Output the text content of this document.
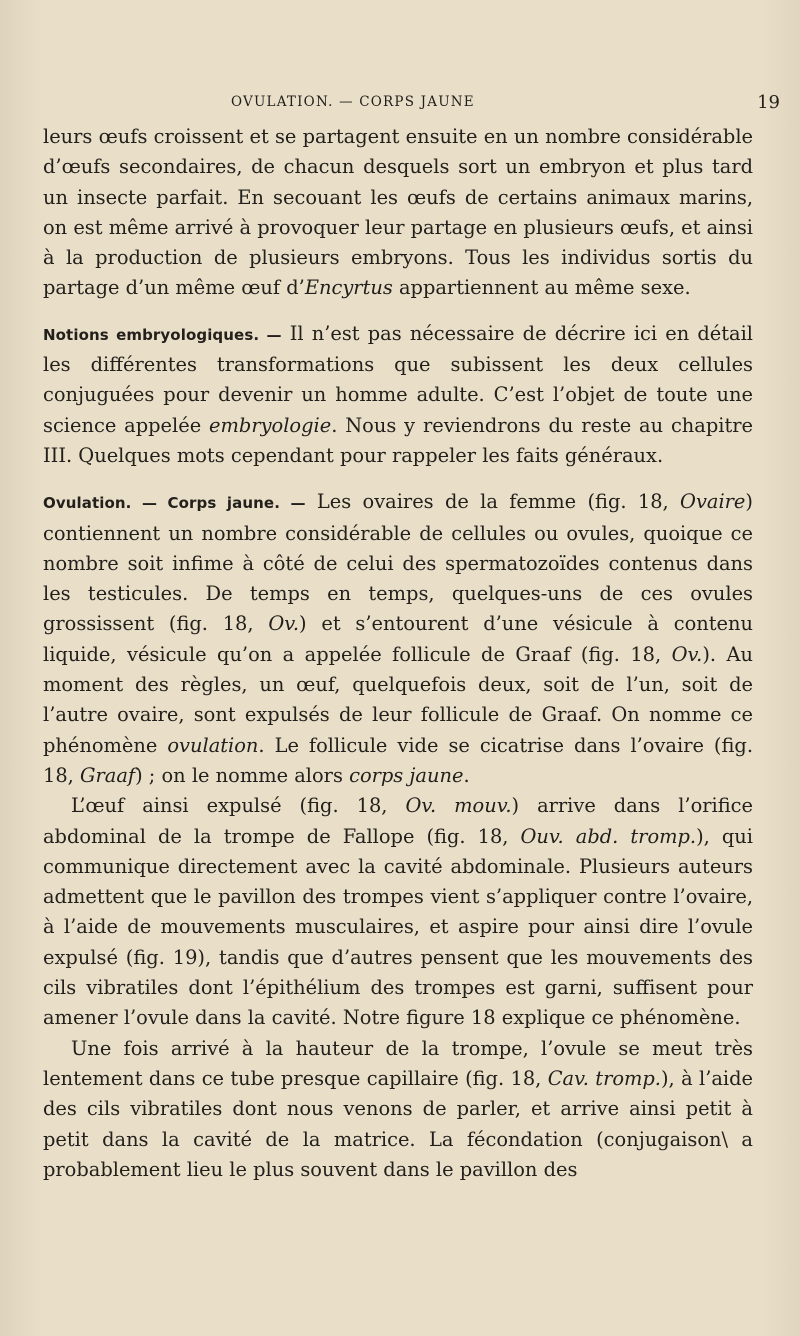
OVULATION. — CORPS JAUNE	19

leurs œufs croissent et se partagent ensuite en un nombre considérable d’œufs secondaires, de chacun desquels sort un embryon et plus tard un insecte parfait. En secouant les œufs de certains animaux marins, on est même arrivé à provoquer leur partage en plusieurs œufs, et ainsi à la production de plusieurs embryons. Tous les individus sortis du partage d’un même œuf d’Encyrtus appartiennent au même sexe.

Notions embryologiques. — Il n’est pas nécessaire de décrire ici en détail les différentes transformations que subissent les deux cellules conjuguées pour devenir un homme adulte. C’est l’objet de toute une science appelée embryologie. Nous y reviendrons du reste au chapitre III. Quelques mots cependant pour rappeler les faits généraux.

Ovulation. — Corps jaune. — Les ovaires de la femme (fig. 18, Ovaire) contiennent un nombre considérable de cellules ou ovules, quoique ce nombre soit infime à côté de celui des spermatozoïdes contenus dans les testicules. De temps en temps, quelques-uns de ces ovules grossissent (fig. 18, Ov.) et s’entourent d’une vésicule à contenu liquide, vésicule qu’on a appelée follicule de Graaf (fig. 18, Ov.). Au moment des règles, un œuf, quelquefois deux, soit de l’un, soit de l’autre ovaire, sont expulsés de leur follicule de Graaf. On nomme ce phénomène ovulation. Le follicule vide se cicatrise dans l’ovaire (fig. 18, Graaf) ; on le nomme alors corps jaune.

L’œuf ainsi expulsé (fig. 18, Ov. mouv.) arrive dans l’orifice abdominal de la trompe de Fallope (fig. 18, Ouv. abd. tromp.), qui communique directement avec la cavité abdominale. Plusieurs auteurs admettent que le pavillon des trompes vient s’appliquer contre l’ovaire, à l’aide de mouvements musculaires, et aspire pour ainsi dire l’ovule expulsé (fig. 19), tandis que d’autres pensent que les mouvements des cils vibratiles dont l’épithélium des trompes est garni, suffisent pour amener l’ovule dans la cavité. Notre figure 18 explique ce phénomène.

Une fois arrivé à la hauteur de la trompe, l’ovule se meut très lentement dans ce tube presque capillaire (fig. 18, Cav. tromp.), à l’aide des cils vibratiles dont nous venons de parler, et arrive ainsi petit à petit dans la cavité de la matrice. La fécondation (conjugaison\ a probablement lieu le plus souvent dans le pavillon des
